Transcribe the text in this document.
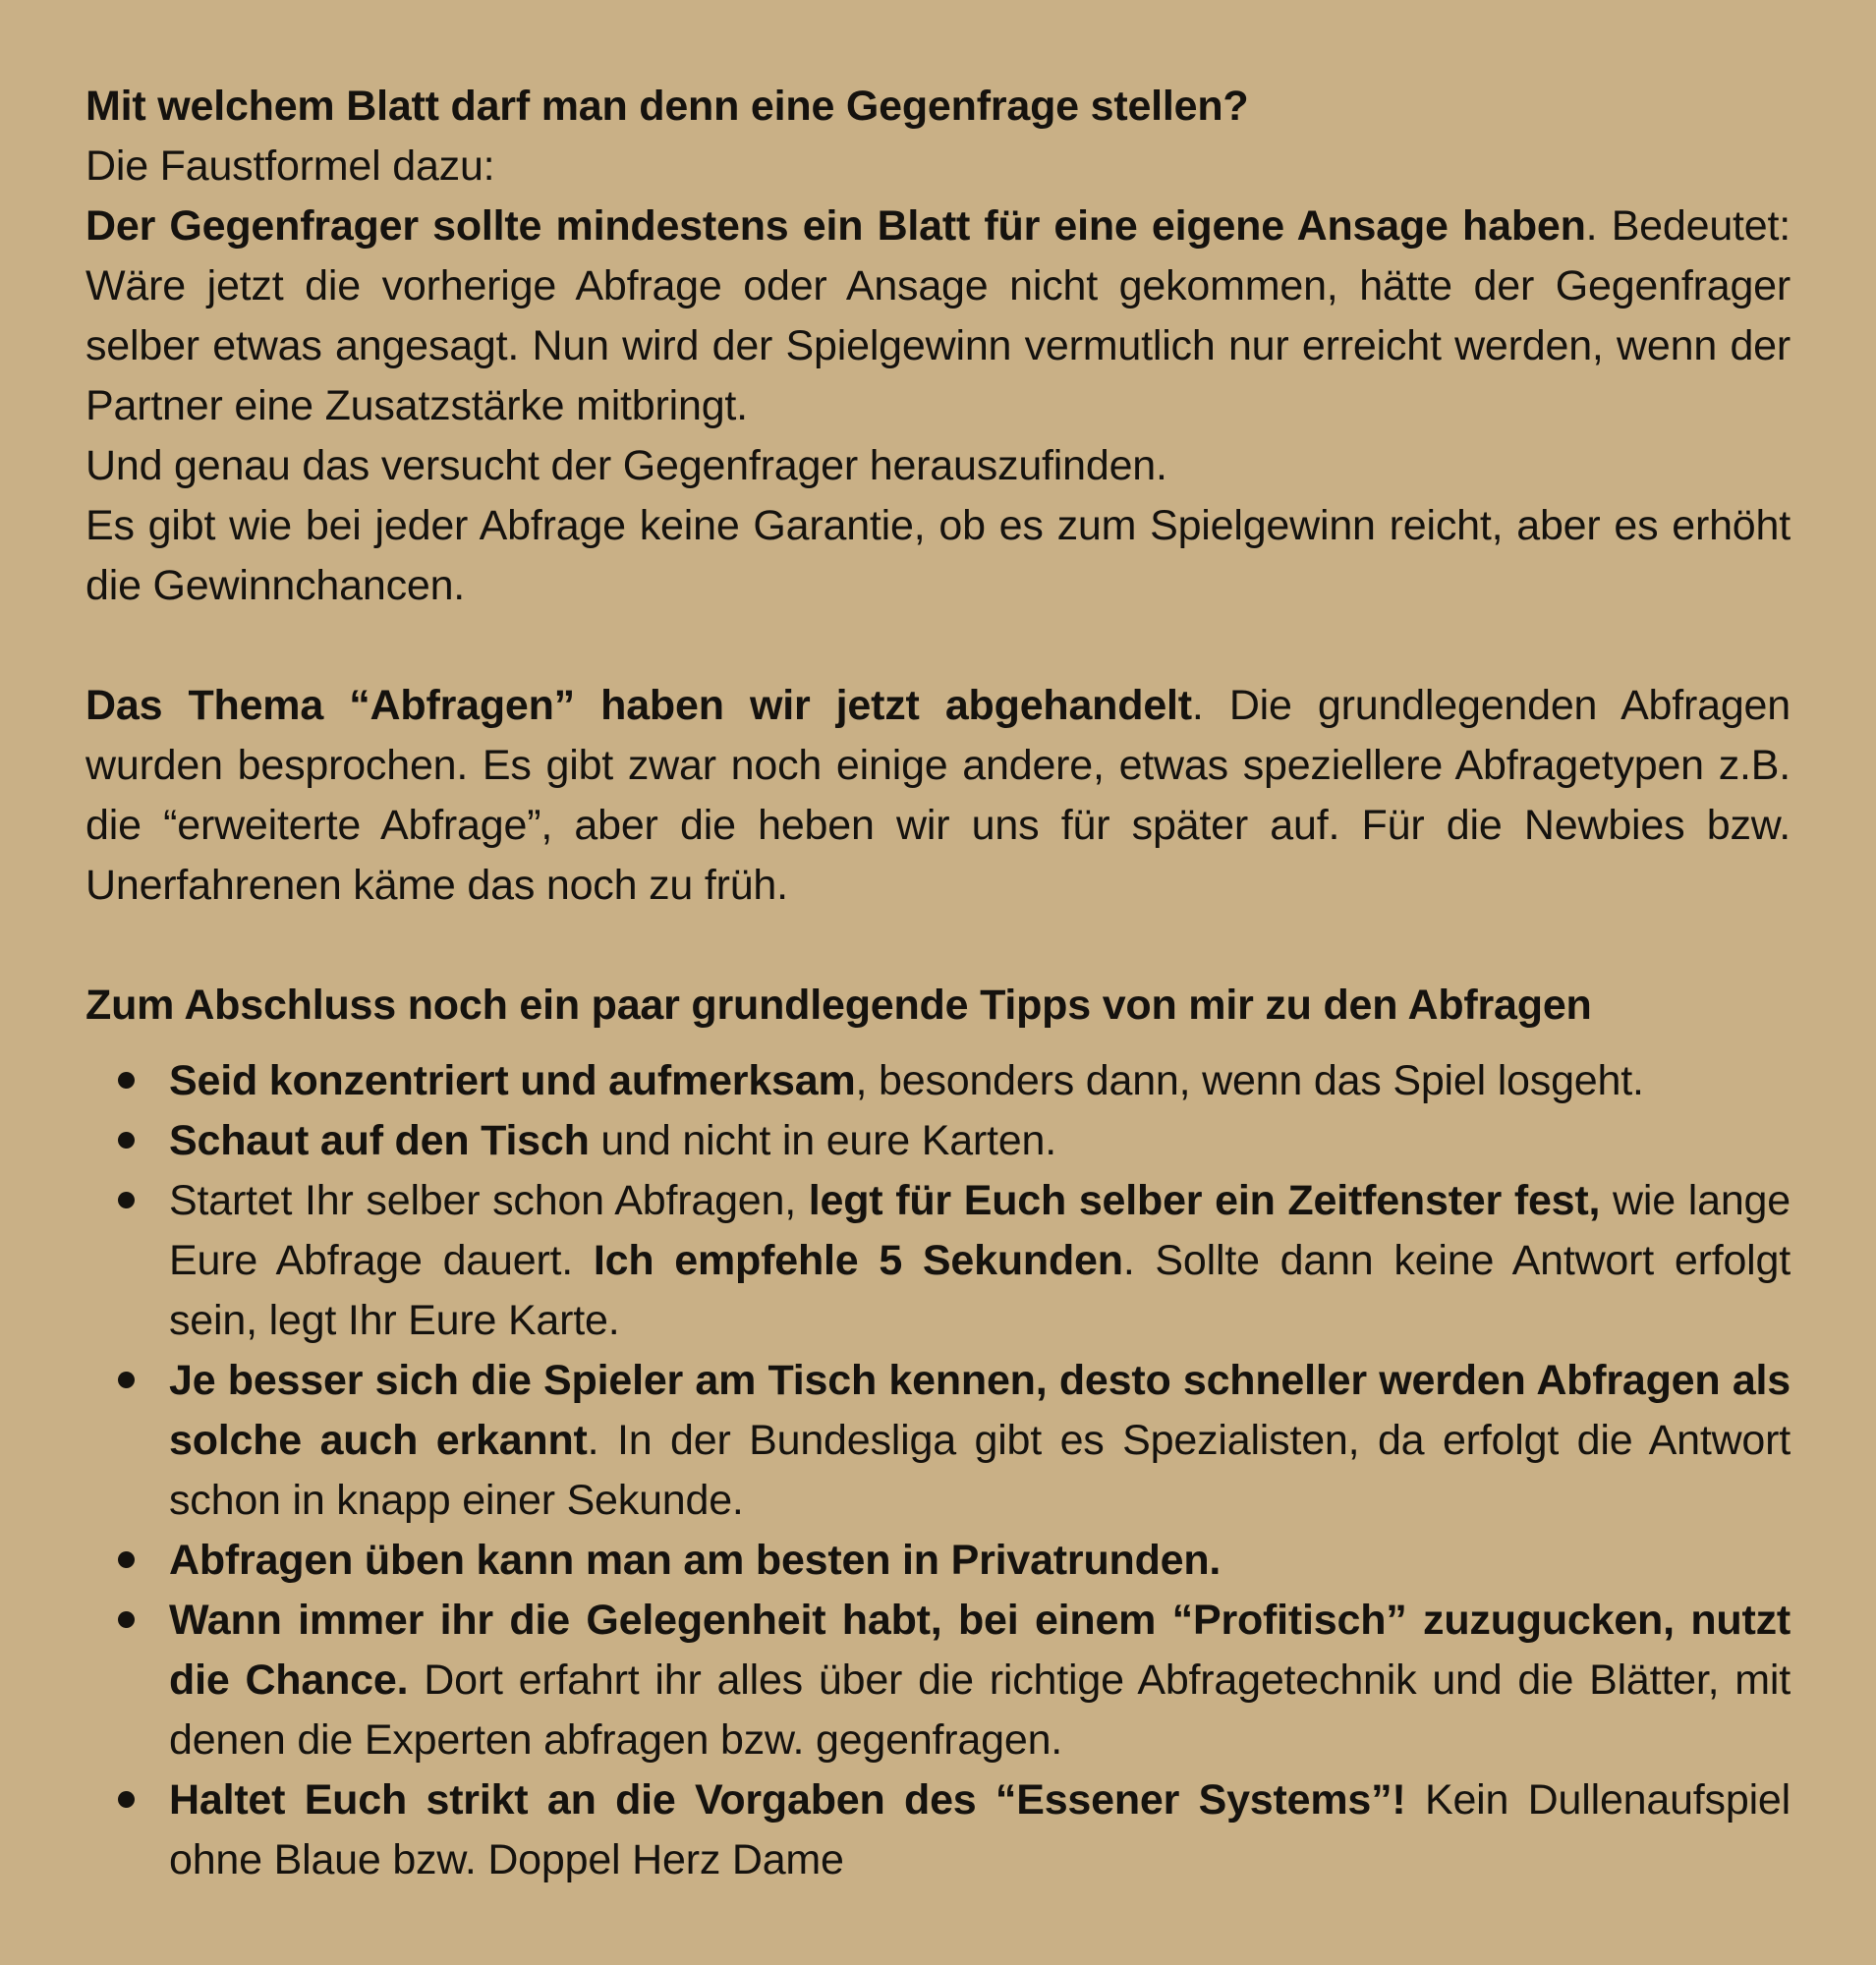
Mit welchem Blatt darf man denn eine Gegenfrage stellen?

Die Faustformel dazu:

Der Gegenfrager sollte mindestens ein Blatt für eine eigene Ansage haben. Bedeutet: Wäre jetzt die vorherige Abfrage oder Ansage nicht gekommen, hätte der Gegenfrager selber etwas angesagt. Nun wird der Spielgewinn vermutlich nur erreicht werden, wenn der Partner eine Zusatzstärke mitbringt.

Und genau das versucht der Gegenfrager herauszufinden.

Es gibt wie bei jeder Abfrage keine Garantie, ob es zum Spielgewinn reicht, aber es erhöht die Gewinnchancen.

Das Thema “Abfragen” haben wir jetzt abgehandelt. Die grundlegenden Abfragen wurden besprochen. Es gibt zwar noch einige andere, etwas speziellere Abfragetypen z.B. die “erweiterte Abfrage”, aber die heben wir uns für später auf. Für die Newbies bzw. Unerfahrenen käme das noch zu früh.

Zum Abschluss noch ein paar grundlegende Tipps von mir zu den Abfragen

Seid konzentriert und aufmerksam, besonders dann, wenn das Spiel losgeht.
Schaut auf den Tisch und nicht in eure Karten.
Startet Ihr selber schon Abfragen, legt für Euch selber ein Zeitfenster fest, wie lange Eure Abfrage dauert. Ich empfehle 5 Sekunden. Sollte dann keine Antwort erfolgt sein, legt Ihr Eure Karte.
Je besser sich die Spieler am Tisch kennen, desto schneller werden Abfragen als solche auch erkannt. In der Bundesliga gibt es Spezialisten, da erfolgt die Antwort schon in knapp einer Sekunde.
Abfragen üben kann man am besten in Privatrunden.
Wann immer ihr die Gelegenheit habt, bei einem “Profitisch” zuzugucken, nutzt die Chance. Dort erfahrt ihr alles über die richtige Abfragetechnik und die Blätter, mit denen die Experten abfragen bzw. gegenfragen.
Haltet Euch strikt an die Vorgaben des “Essener Systems”! Kein Dullenaufspiel ohne Blaue bzw. Doppel Herz Dame
